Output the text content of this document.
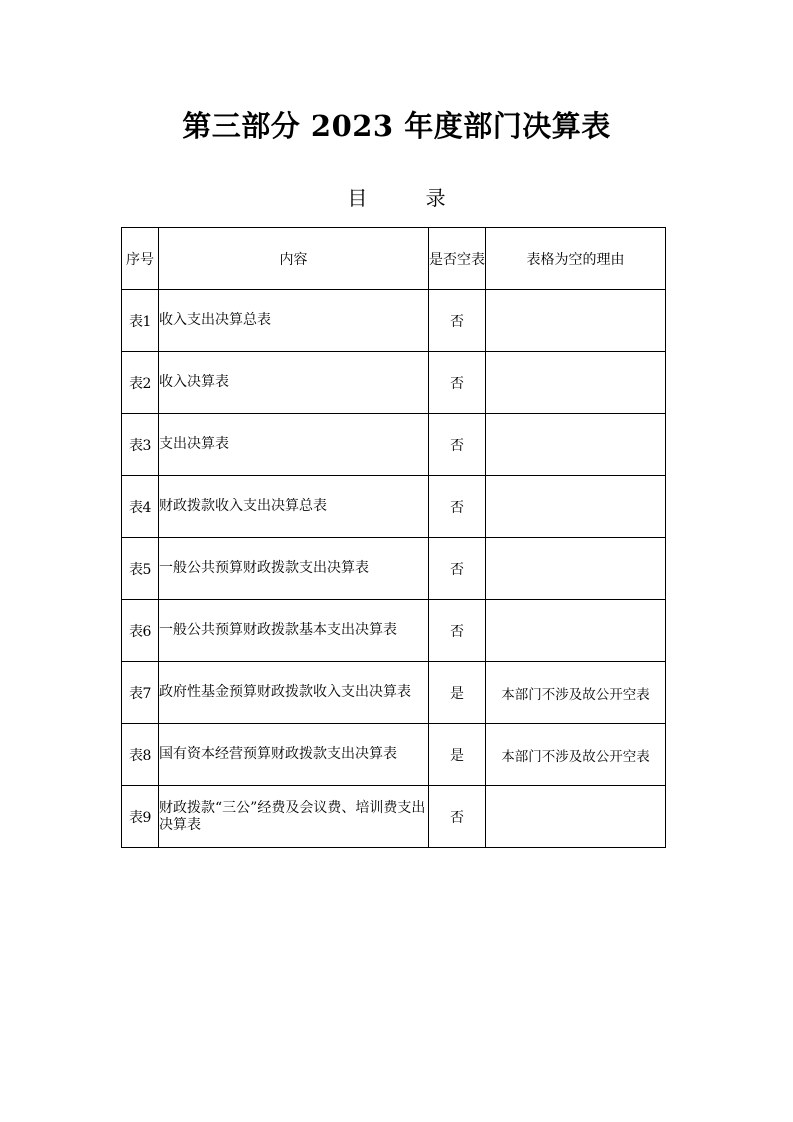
第三部分 2023 年度部门决算表
目 录
序号	内容	是否空表	表格为空的理由
表1	收入支出决算总表	否	
表2	收入决算表	否	
表3	支出决算表	否	
表4	财政拨款收入支出决算总表	否	
表5	一般公共预算财政拨款支出决算表	否	
表6	一般公共预算财政拨款基本支出决算表	否	
表7	政府性基金预算财政拨款收入支出决算表	是	本部门不涉及故公开空表
表8	国有资本经营预算财政拨款支出决算表	是	本部门不涉及故公开空表
表9	财政拨款“三公”经费及会议费、培训费支出决算表	否	
